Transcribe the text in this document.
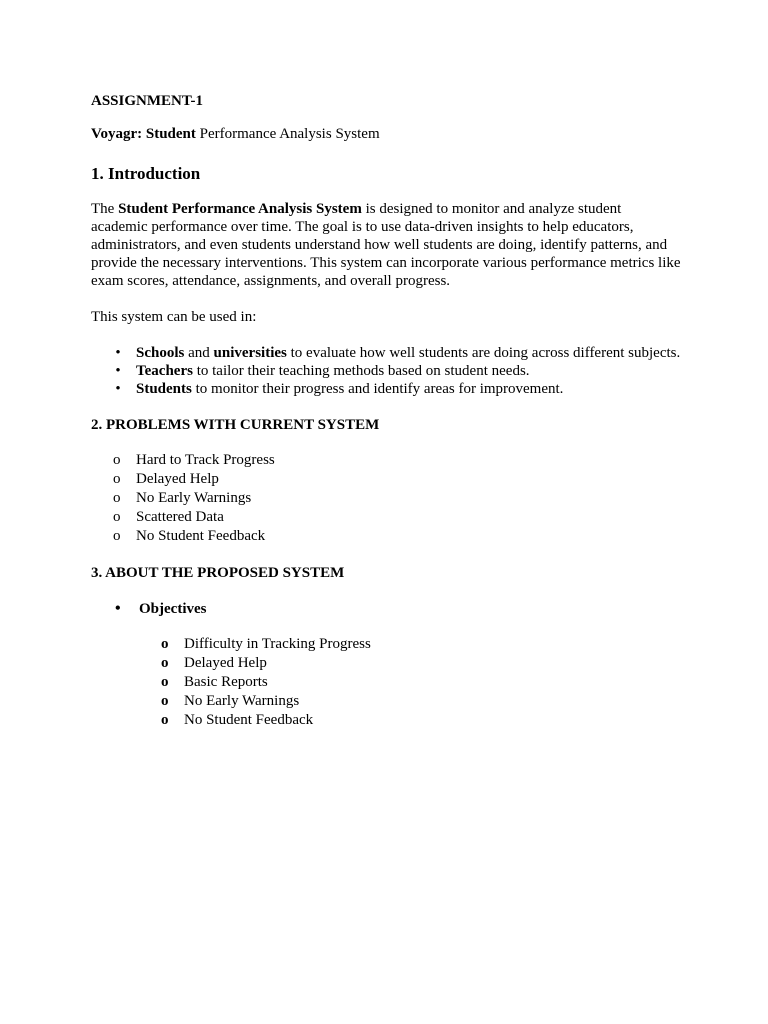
ASSIGNMENT-1

Voyagr: Student Performance Analysis System

1. Introduction

The Student Performance Analysis System is designed to monitor and analyze student academic performance over time. The goal is to use data-driven insights to help educators, administrators, and even students understand how well students are doing, identify patterns, and provide the necessary interventions. This system can incorporate various performance metrics like exam scores, attendance, assignments, and overall progress.

This system can be used in:

• Schools and universities to evaluate how well students are doing across different subjects.
• Teachers to tailor their teaching methods based on student needs.
• Students to monitor their progress and identify areas for improvement.

2. PROBLEMS WITH CURRENT SYSTEM

o Hard to Track Progress
o Delayed Help
o No Early Warnings
o Scattered Data
o No Student Feedback

3. ABOUT THE PROPOSED SYSTEM

• Objectives
o Difficulty in Tracking Progress
o Delayed Help
o Basic Reports
o No Early Warnings
o No Student Feedback
